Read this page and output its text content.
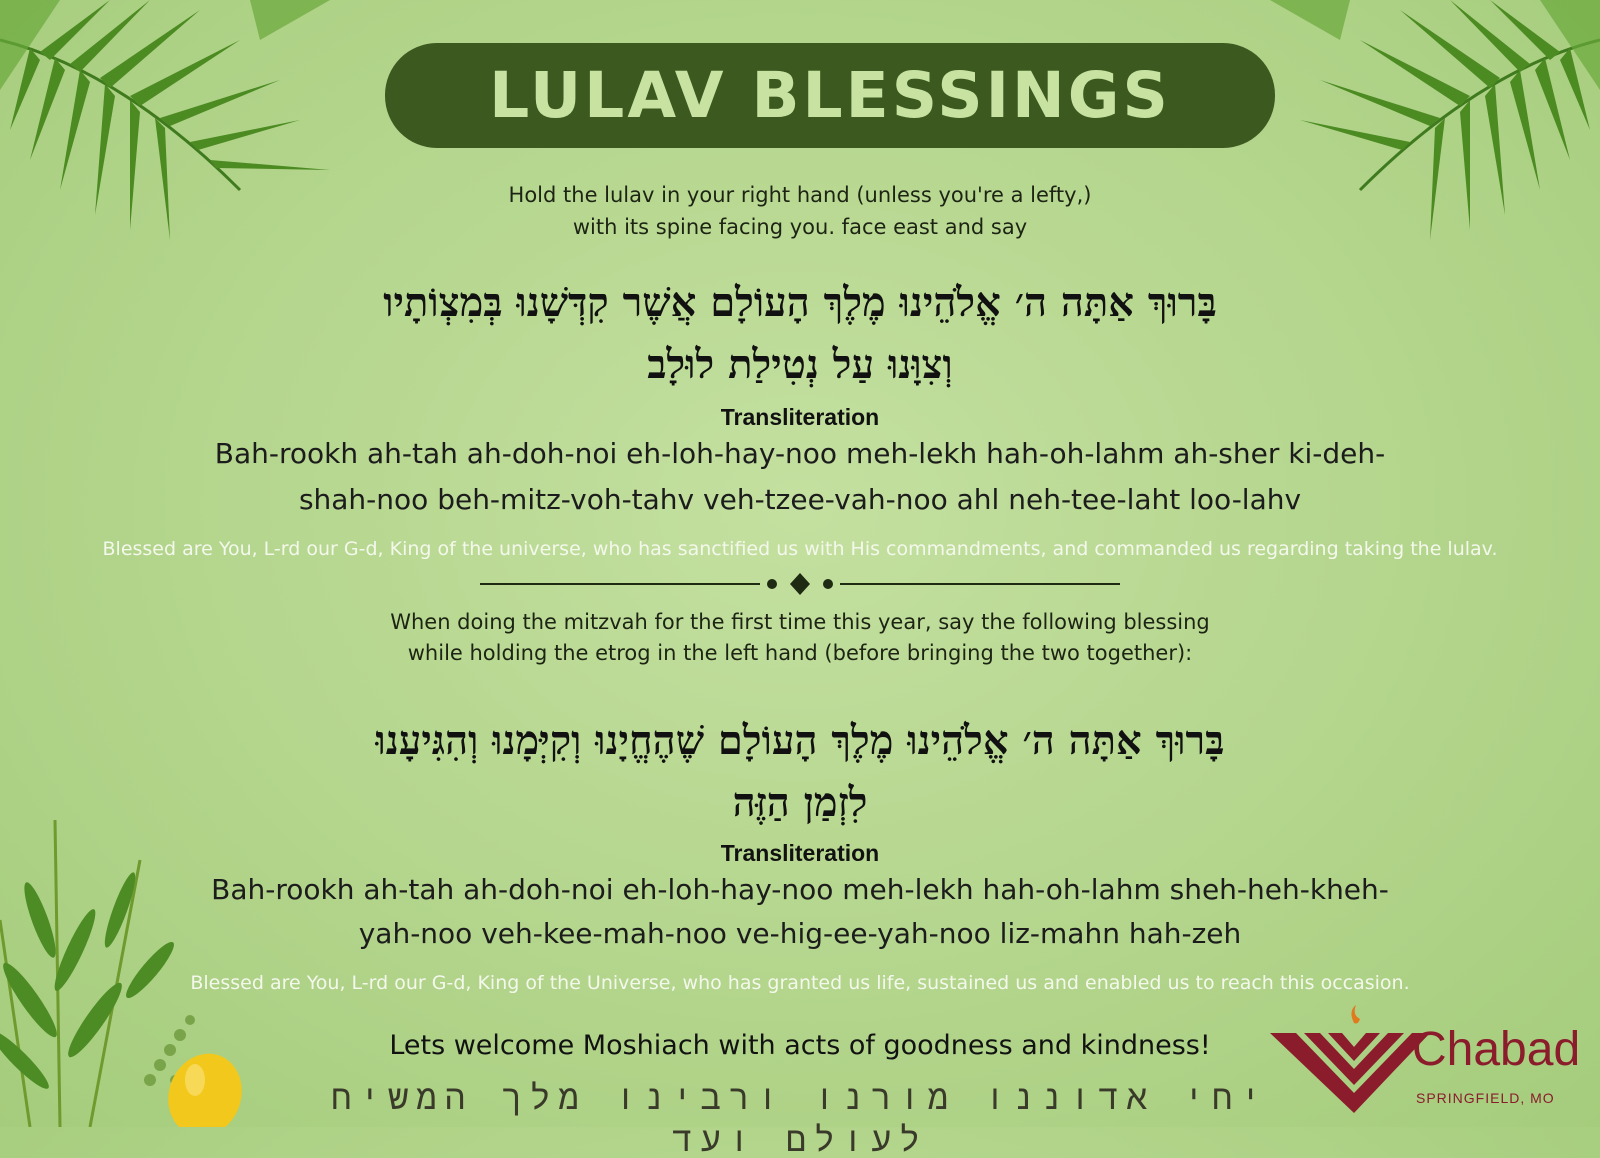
LULAV BLESSINGS
Hold the lulav in your right hand (unless you're a lefty,)
with its spine facing you. face east and say
בָּרוּךְ אַתָּה ה׳ אֱלֹהֵינוּ מֶלֶךְ הָעוֹלָם אֲשֶׁר קִדְּשָׁנוּ בְּמִצְוֹתָיו
וְצִוָּנוּ עַל נְטִילַת לוּלָב
Transliteration
Bah-rookh ah-tah ah-doh-noi eh-loh-hay-noo meh-lekh hah-oh-lahm ah-sher ki-deh-
shah-noo beh-mitz-voh-tahv veh-tzee-vah-noo ahl neh-tee-laht loo-lahv
Blessed are You, L-rd our G-d, King of the universe, who has sanctified us with His commandments, and commanded us regarding taking the lulav.
When doing the mitzvah for the first time this year, say the following blessing
while holding the etrog in the left hand (before bringing the two together):
בָּרוּךְ אַתָּה ה׳ אֱלֹהֵינוּ מֶלֶךְ הָעוֹלָם שֶׁהֶחֱיָנוּ וְקִיְּמָנוּ וְהִגִּיעָנוּ
לִזְמַן הַזֶּה
Transliteration
Bah-rookh ah-tah ah-doh-noi eh-loh-hay-noo meh-lekh hah-oh-lahm sheh-heh-kheh-
yah-noo veh-kee-mah-noo ve-hig-ee-yah-noo liz-mahn hah-zeh
Blessed are You, L-rd our G-d, King of the Universe, who has granted us life, sustained us and enabled us to reach this occasion.
Lets welcome Moshiach with acts of goodness and kindness!
יחי אדוננו מורנו ורבינו מלך המשיח לעולם ועד
Chabad
SPRINGFIELD, MO
